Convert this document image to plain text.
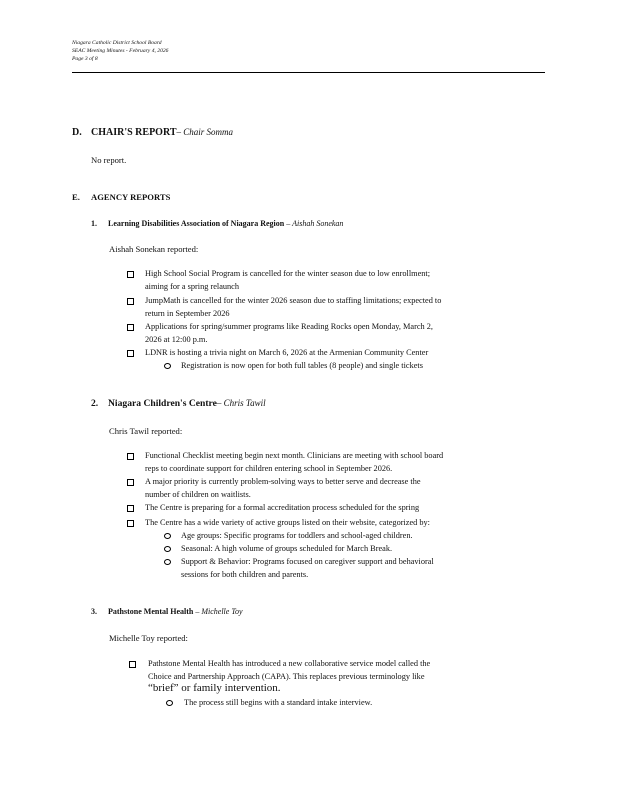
Niagara Catholic District School Board
SEAC Meeting Minutes - February 4, 2026
Page 3 of 8
D. CHAIR'S REPORT– Chair Somma
No report.
E. AGENCY REPORTS
1. Learning Disabilities Association of Niagara Region – Aishah Sonekan
Aishah Sonekan reported:
High School Social Program is cancelled for the winter season due to low enrollment;
aiming for a spring relaunch
JumpMath is cancelled for the winter 2026 season due to staffing limitations; expected to
return in September 2026
Applications for spring/summer programs like Reading Rocks open Monday, March 2,
2026 at 12:00 p.m.
LDNR is hosting a trivia night on March 6, 2026 at the Armenian Community Center
Registration is now open for both full tables (8 people) and single tickets
2. Niagara Children's Centre– Chris Tawil
Chris Tawil reported:
Functional Checklist meeting begin next month. Clinicians are meeting with school board
reps to coordinate support for children entering school in September 2026.
A major priority is currently problem-solving ways to better serve and decrease the
number of children on waitlists.
The Centre is preparing for a formal accreditation process scheduled for the spring
The Centre has a wide variety of active groups listed on their website, categorized by:
Age groups: Specific programs for toddlers and school-aged children.
Seasonal: A high volume of groups scheduled for March Break.
Support & Behavior: Programs focused on caregiver support and behavioral
sessions for both children and parents.
3. Pathstone Mental Health – Michelle Toy
Michelle Toy reported:
Pathstone Mental Health has introduced a new collaborative service model called the
Choice and Partnership Approach (CAPA). This replaces previous terminology like
“brief” or family intervention.
The process still begins with a standard intake interview.
